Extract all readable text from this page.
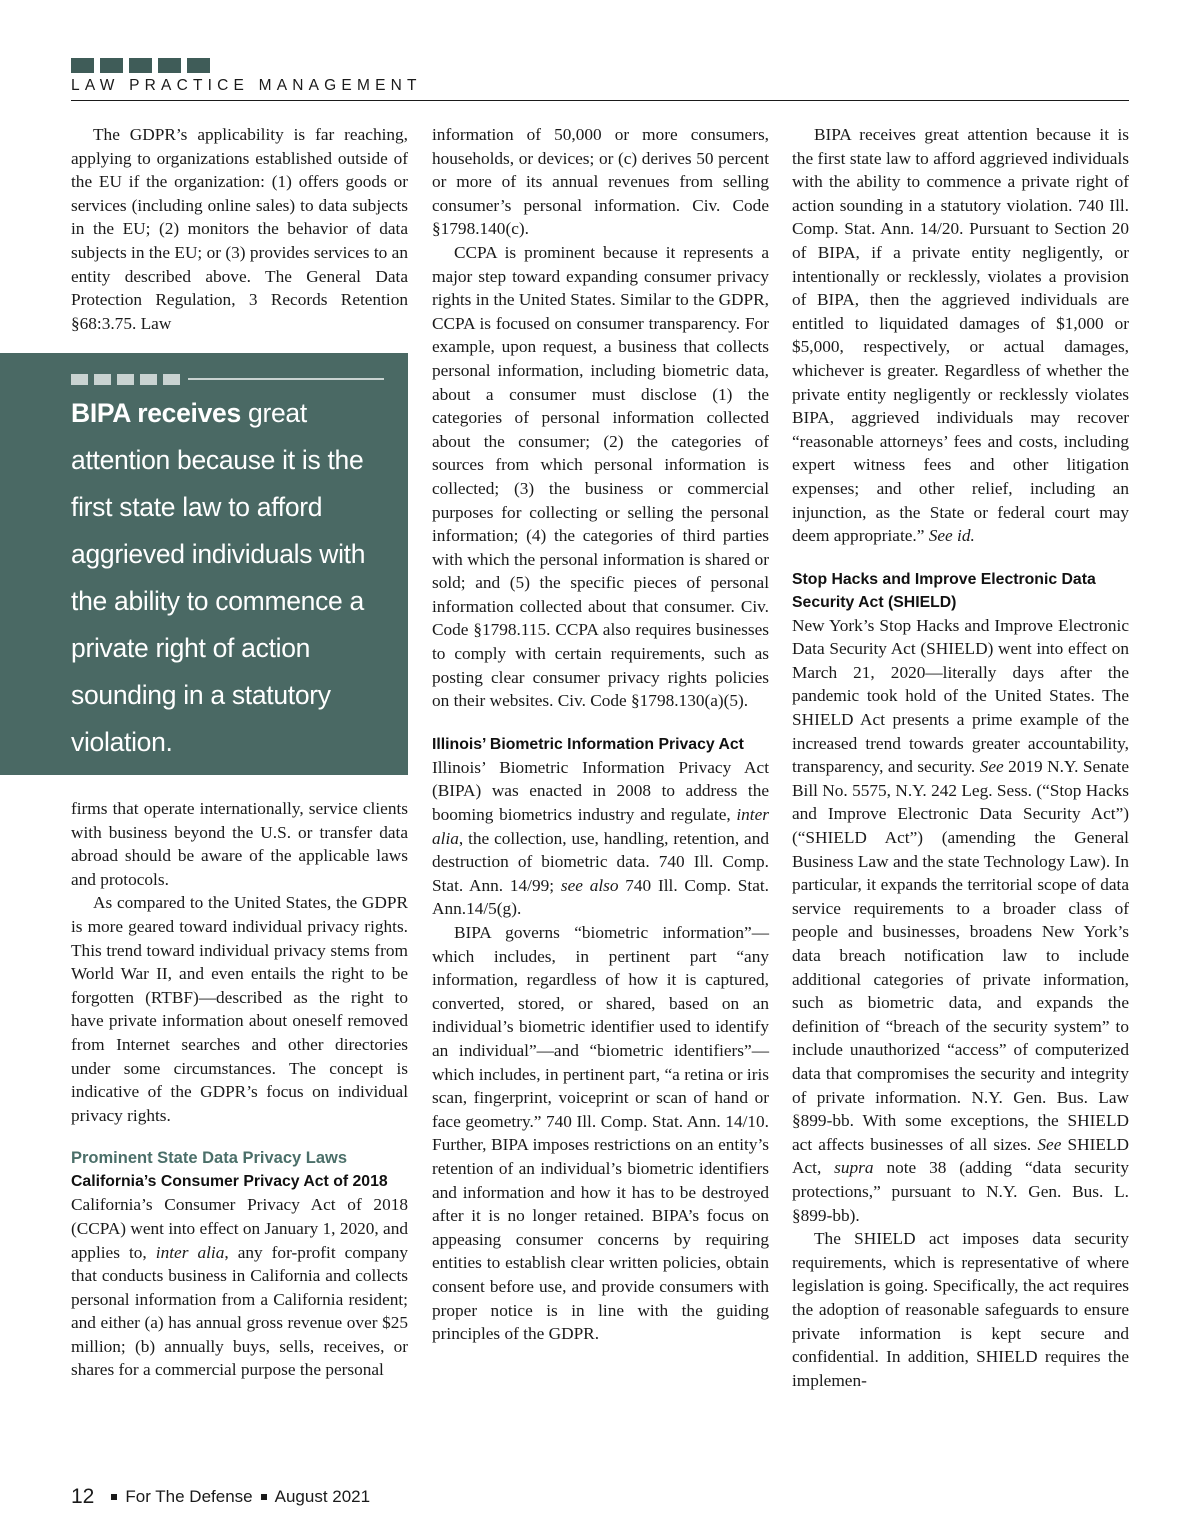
LAW PRACTICE MANAGEMENT

The GDPR’s applicability is far reaching, applying to organizations established outside of the EU if the organization: (1) offers goods or services (including online sales) to data subjects in the EU; (2) monitors the behavior of data subjects in the EU; or (3) provides services to an entity described above. The General Data Protection Regulation, 3 Records Retention §68:3.75. Law

BIPA receives great attention because it is the first state law to afford aggrieved individuals with the ability to commence a private right of action sounding in a statutory violation.

firms that operate internationally, service clients with business beyond the U.S. or transfer data abroad should be aware of the applicable laws and protocols.

As compared to the United States, the GDPR is more geared toward individual privacy rights. This trend toward individual privacy stems from World War II, and even entails the right to be forgotten (RTBF)—described as the right to have private information about oneself removed from Internet searches and other directories under some circumstances. The concept is indicative of the GDPR’s focus on individual privacy rights.

Prominent State Data Privacy Laws
California’s Consumer Privacy Act of 2018

California’s Consumer Privacy Act of 2018 (CCPA) went into effect on January 1, 2020, and applies to, inter alia, any for-profit company that conducts business in California and collects personal information from a California resident; and either (a) has annual gross revenue over $25 million; (b) annually buys, sells, receives, or shares for a commercial purpose the personal

information of 50,000 or more consumers, households, or devices; or (c) derives 50 percent or more of its annual revenues from selling consumer’s personal information. Civ. Code §1798.140(c).

CCPA is prominent because it represents a major step toward expanding consumer privacy rights in the United States. Similar to the GDPR, CCPA is focused on consumer transparency. For example, upon request, a business that collects personal information, including biometric data, about a consumer must disclose (1) the categories of personal information collected about the consumer; (2) the categories of sources from which personal information is collected; (3) the business or commercial purposes for collecting or selling the personal information; (4) the categories of third parties with which the personal information is shared or sold; and (5) the specific pieces of personal information collected about that consumer. Civ. Code §1798.115. CCPA also requires businesses to comply with certain requirements, such as posting clear consumer privacy rights policies on their websites. Civ. Code §1798.130(a)(5).

Illinois’ Biometric Information Privacy Act

Illinois’ Biometric Information Privacy Act (BIPA) was enacted in 2008 to address the booming biometrics industry and regulate, inter alia, the collection, use, handling, retention, and destruction of biometric data. 740 Ill. Comp. Stat. Ann. 14/99; see also 740 Ill. Comp. Stat. Ann.14/5(g).

BIPA governs “biometric information”—which includes, in pertinent part “any information, regardless of how it is captured, converted, stored, or shared, based on an individual’s biometric identifier used to identify an individual”—and “biometric identifiers”—which includes, in pertinent part, “a retina or iris scan, fingerprint, voiceprint or scan of hand or face geometry.” 740 Ill. Comp. Stat. Ann. 14/10. Further, BIPA imposes restrictions on an entity’s retention of an individual’s biometric identifiers and information and how it has to be destroyed after it is no longer retained. BIPA’s focus on appeasing consumer concerns by requiring entities to establish clear written policies, obtain consent before use, and provide consumers with proper notice is in line with the guiding principles of the GDPR.

BIPA receives great attention because it is the first state law to afford aggrieved individuals with the ability to commence a private right of action sounding in a statutory violation. 740 Ill. Comp. Stat. Ann. 14/20. Pursuant to Section 20 of BIPA, if a private entity negligently, or intentionally or recklessly, violates a provision of BIPA, then the aggrieved individuals are entitled to liquidated damages of $1,000 or $5,000, respectively, or actual damages, whichever is greater. Regardless of whether the private entity negligently or recklessly violates BIPA, aggrieved individuals may recover “reasonable attorneys’ fees and costs, including expert witness fees and other litigation expenses; and other relief, including an injunction, as the State or federal court may deem appropriate.” See id.

Stop Hacks and Improve Electronic Data Security Act (SHIELD)

New York’s Stop Hacks and Improve Electronic Data Security Act (SHIELD) went into effect on March 21, 2020—literally days after the pandemic took hold of the United States. The SHIELD Act presents a prime example of the increased trend towards greater accountability, transparency, and security. See 2019 N.Y. Senate Bill No. 5575, N.Y. 242 Leg. Sess. (“Stop Hacks and Improve Electronic Data Security Act”) (“SHIELD Act”) (amending the General Business Law and the state Technology Law). In particular, it expands the territorial scope of data service requirements to a broader class of people and businesses, broadens New York’s data breach notification law to include additional categories of private information, such as biometric data, and expands the definition of “breach of the security system” to include unauthorized “access” of computerized data that compromises the security and integrity of private information. N.Y. Gen. Bus. Law §899-bb. With some exceptions, the SHIELD act affects businesses of all sizes. See SHIELD Act, supra note 38 (adding “data security protections,” pursuant to N.Y. Gen. Bus. L. §899-bb).

The SHIELD act imposes data security requirements, which is representative of where legislation is going. Specifically, the act requires the adoption of reasonable safeguards to ensure private information is kept secure and confidential. In addition, SHIELD requires the implemen-

12 For The Defense August 2021
